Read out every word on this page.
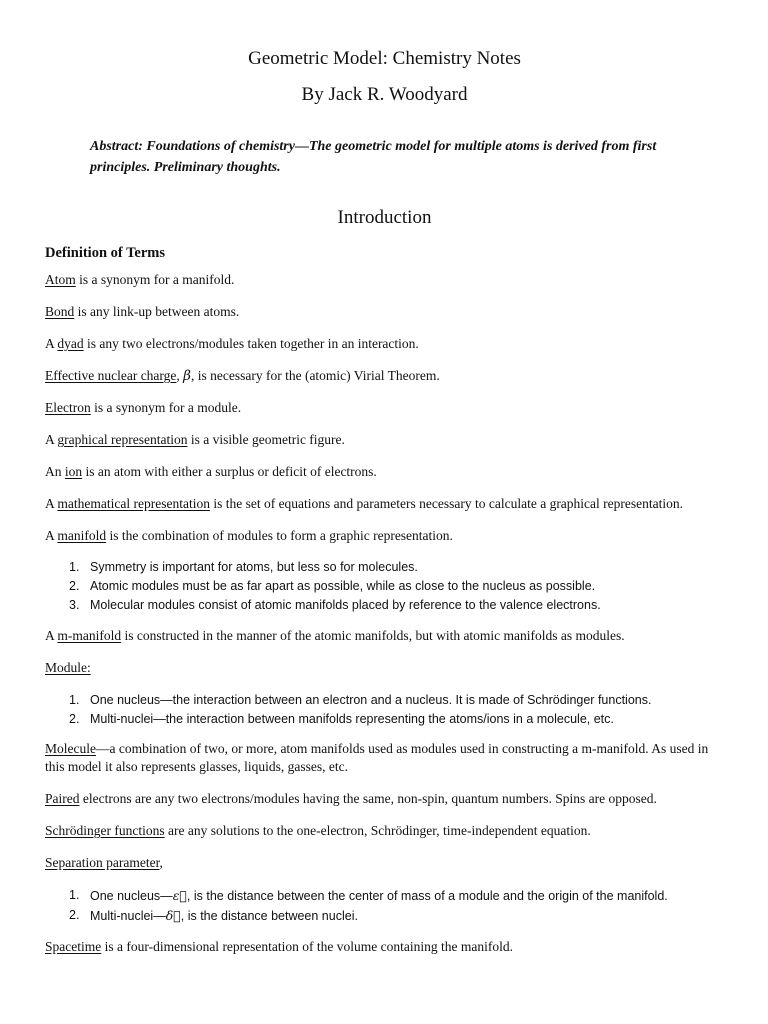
Geometric Model: Chemistry Notes

By Jack R. Woodyard

Abstract: Foundations of chemistry—The geometric model for multiple atoms is derived from first principles. Preliminary thoughts.

Introduction

Definition of Terms

Atom is a synonym for a manifold.

Bond is any link-up between atoms.

A dyad is any two electrons/modules taken together in an interaction.

Effective nuclear charge, β, is necessary for the (atomic) Virial Theorem.

Electron is a synonym for a module.

A graphical representation is a visible geometric figure.

An ion is an atom with either a surplus or deficit of electrons.

A mathematical representation is the set of equations and parameters necessary to calculate a graphical representation.

A manifold is the combination of modules to form a graphic representation.

1. Symmetry is important for atoms, but less so for molecules.
2. Atomic modules must be as far apart as possible, while as close to the nucleus as possible.
3. Molecular modules consist of atomic manifolds placed by reference to the valence electrons.

A m-manifold is constructed in the manner of the atomic manifolds, but with atomic manifolds as modules.

Module:

1. One nucleus—the interaction between an electron and a nucleus. It is made of Schrödinger functions.
2. Multi-nuclei—the interaction between manifolds representing the atoms/ions in a molecule, etc.

Molecule—a combination of two, or more, atom manifolds used as modules used in constructing a m-manifold. As used in this model it also represents glasses, liquids, gasses, etc.

Paired electrons are any two electrons/modules having the same, non-spin, quantum numbers. Spins are opposed.

Schrödinger functions are any solutions to the one-electron, Schrödinger, time-independent equation.

Separation parameter,

1. One nucleus—ε⃗, is the distance between the center of mass of a module and the origin of the manifold.
2. Multi-nuclei—δ⃗, is the distance between nuclei.

Spacetime is a four-dimensional representation of the volume containing the manifold.
